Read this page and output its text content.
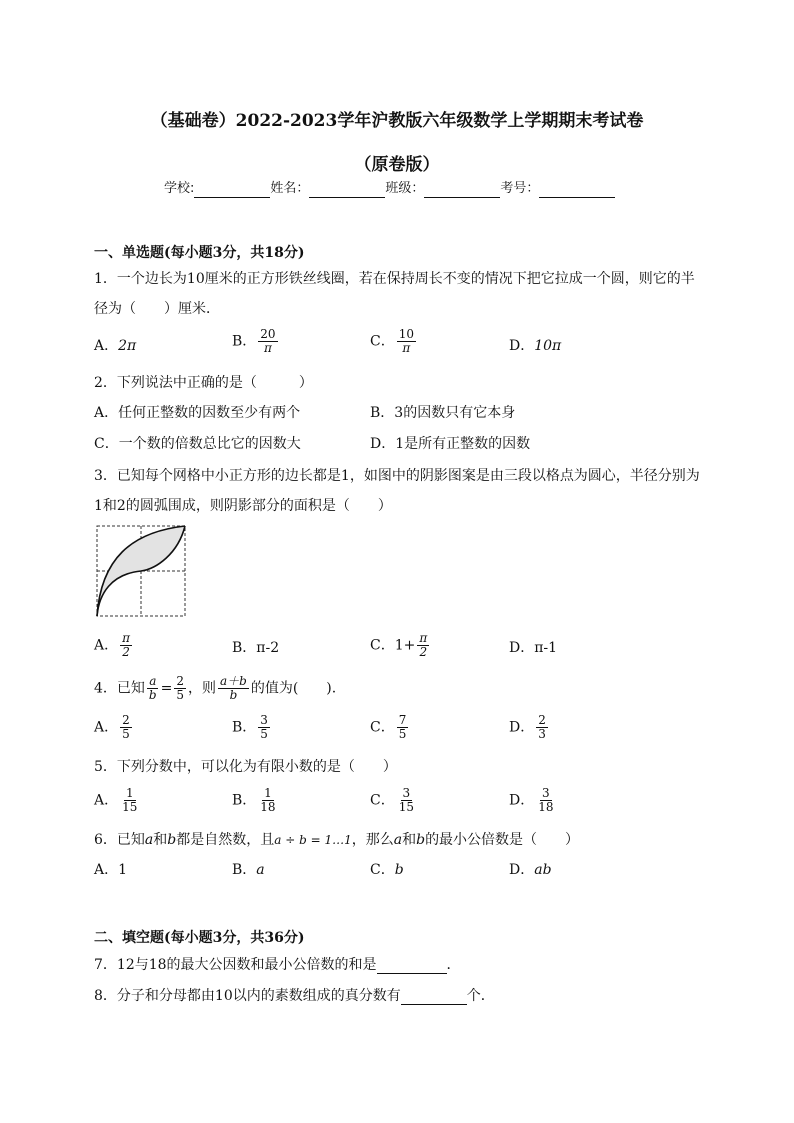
（基础卷）2022-2023学年沪教版六年级数学上学期期末考试卷
（原卷版）
学校:	姓名：	班级：	考号：
一、单选题(每小题3分，共18分)
1．一个边长为10厘米的正方形铁丝线圈，若在保持周长不变的情况下把它拉成一个圆，则它的半
径为（　　）厘米．
A．2π	B． $\frac{20}{\pi}$	C． $\frac{10}{\pi}$	D．10π
2．下列说法中正确的是（　　　）
A．任何正整数的因数至少有两个	B．3的因数只有它本身
C．一个数的倍数总比它的因数大	D．1是所有正整数的因数
3．已知每个网格中小正方形的边长都是1，如图中的阴影图案是由三段以格点为圆心，半径分别为
1和2的圆弧围成，则阴影部分的面积是（　　）
A． $\frac{\pi}{2}$	B．π-2	C．$1+ \frac{\pi}{2}$	D．π-1
4．已知 $\frac{a}{b} = \frac{2}{5}$ ，则 $\frac{a+b}{b}$ 的值为(　　).
A． $\frac{2}{5}$	B． $\frac{3}{5}$	C． $\frac{7}{5}$	D． $\frac{2}{3}$
5．下列分数中，可以化为有限小数的是（　　）
A． $\frac{1}{15}$	B． $\frac{1}{18}$	C． $\frac{3}{15}$	D． $\frac{3}{18}$
6．已知a和b都是自然数，且a ÷ b = 1…1，那么a和b的最小公倍数是（　　）
A．1	B．a	C．b	D．ab
二、填空题(每小题3分，共36分)
7．12与18的最大公因数和最小公倍数的和是	．
8．分子和分母都由10以内的素数组成的真分数有	个．
